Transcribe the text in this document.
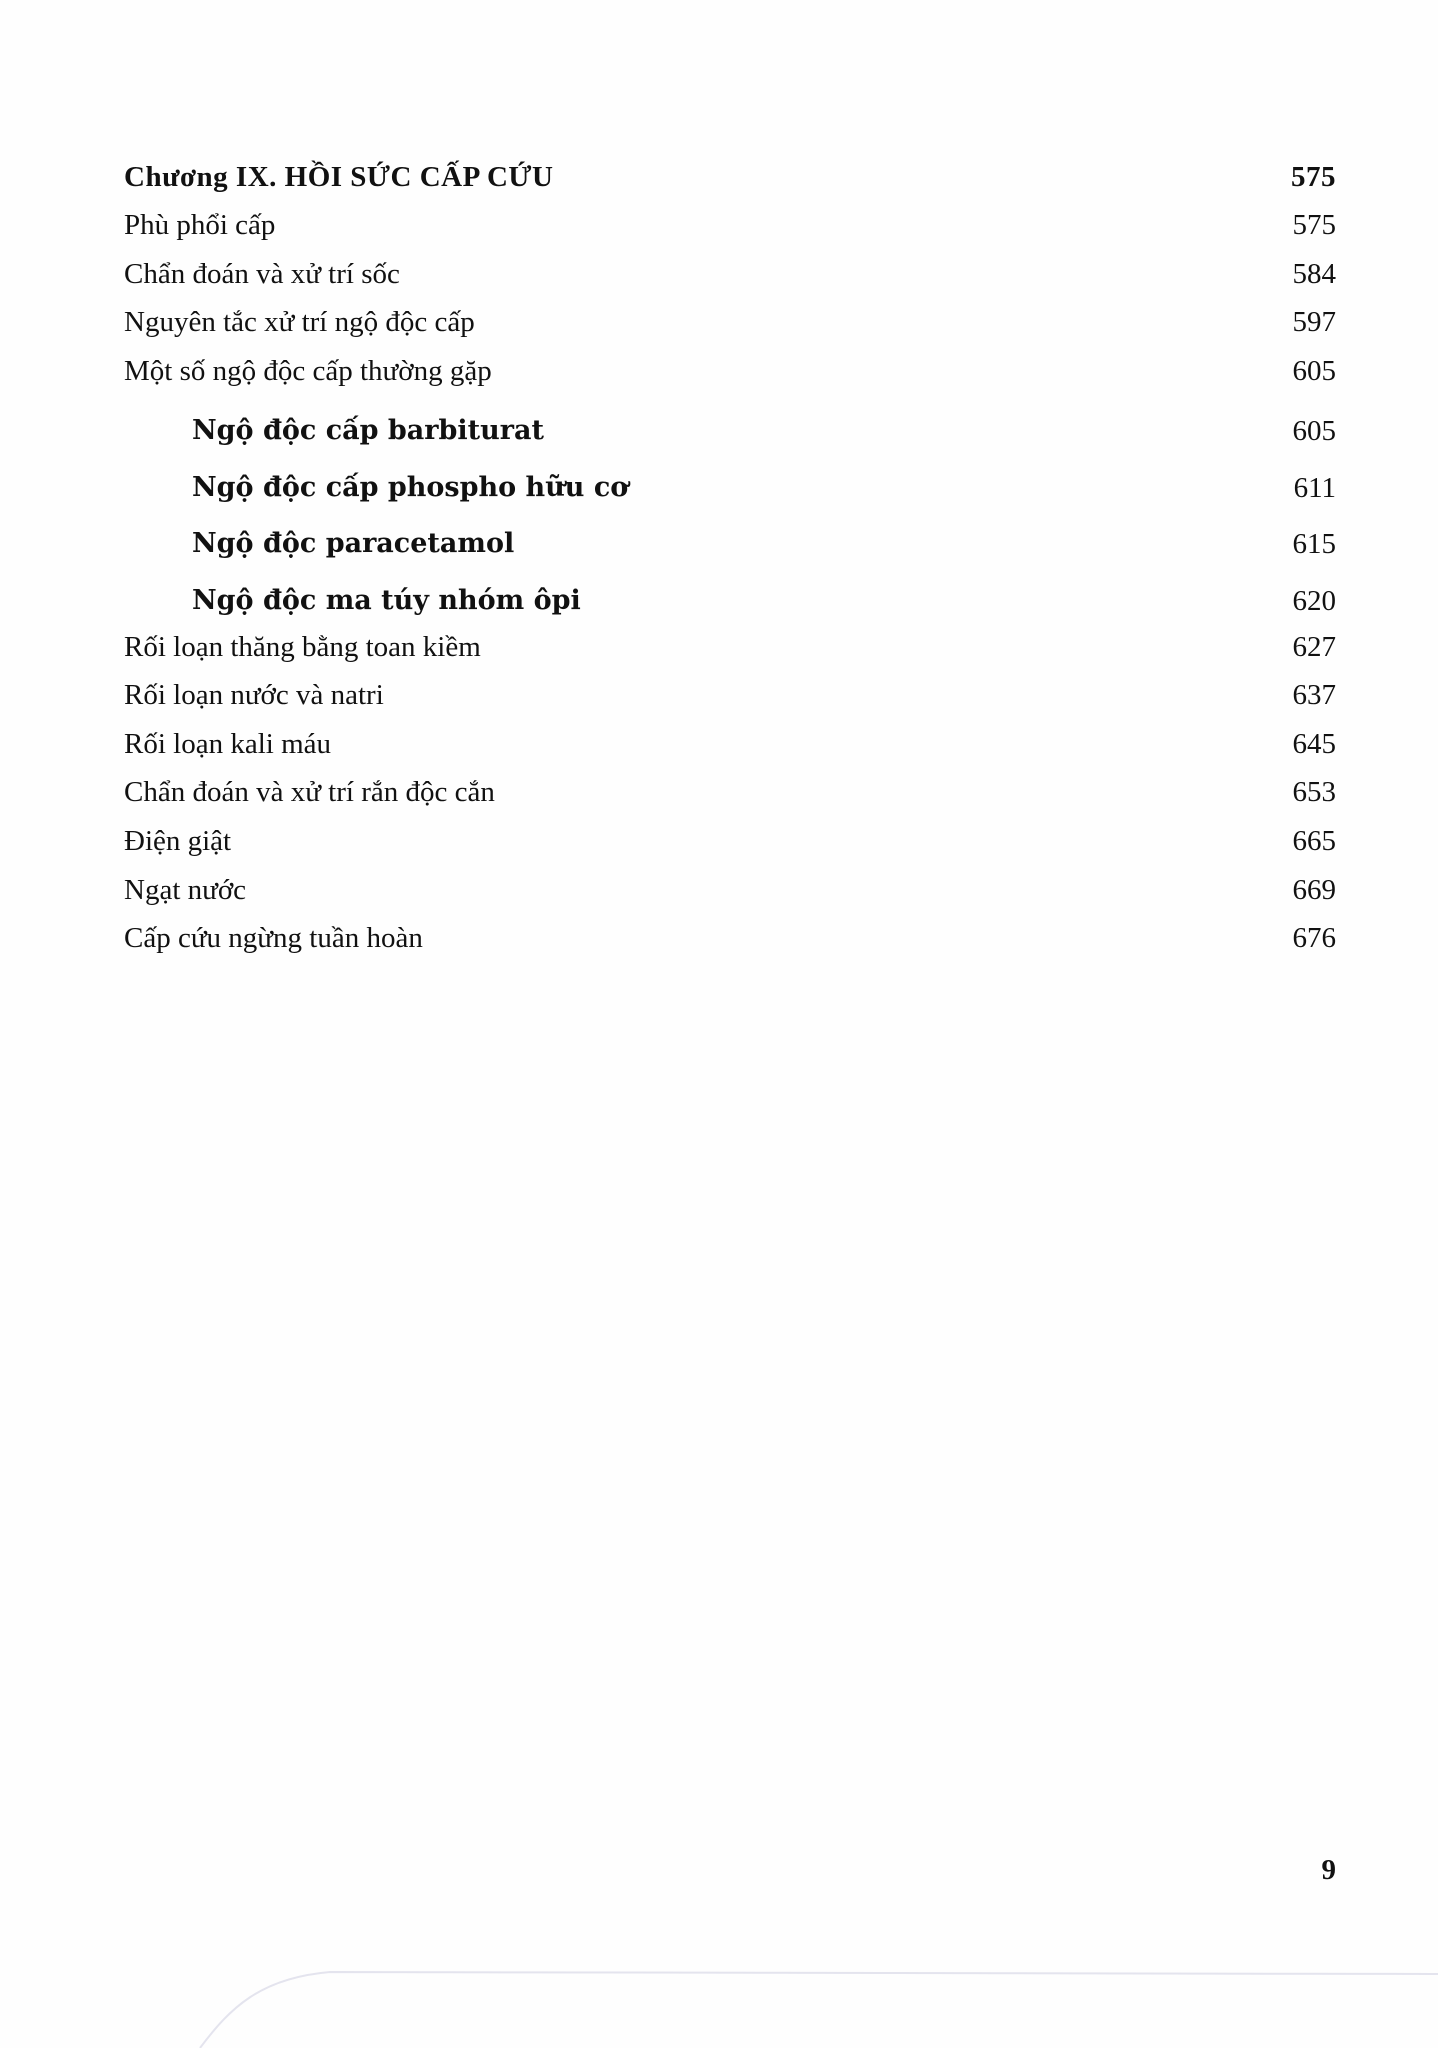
Chương IX. HỒI SỨC CẤP CỨU	575
Phù phổi cấp	575
Chẩn đoán và xử trí sốc	584
Nguyên tắc xử trí ngộ độc cấp	597
Một số ngộ độc cấp thường gặp	605
Ngộ độc cấp barbiturat	605
Ngộ độc cấp phospho hữu cơ	611
Ngộ độc paracetamol	615
Ngộ độc ma túy nhóm ôpi	620
Rối loạn thăng bằng toan kiềm	627
Rối loạn nước và natri	637
Rối loạn kali máu	645
Chẩn đoán và xử trí rắn độc cắn	653
Điện giật	665
Ngạt nước	669
Cấp cứu ngừng tuần hoàn	676
9
